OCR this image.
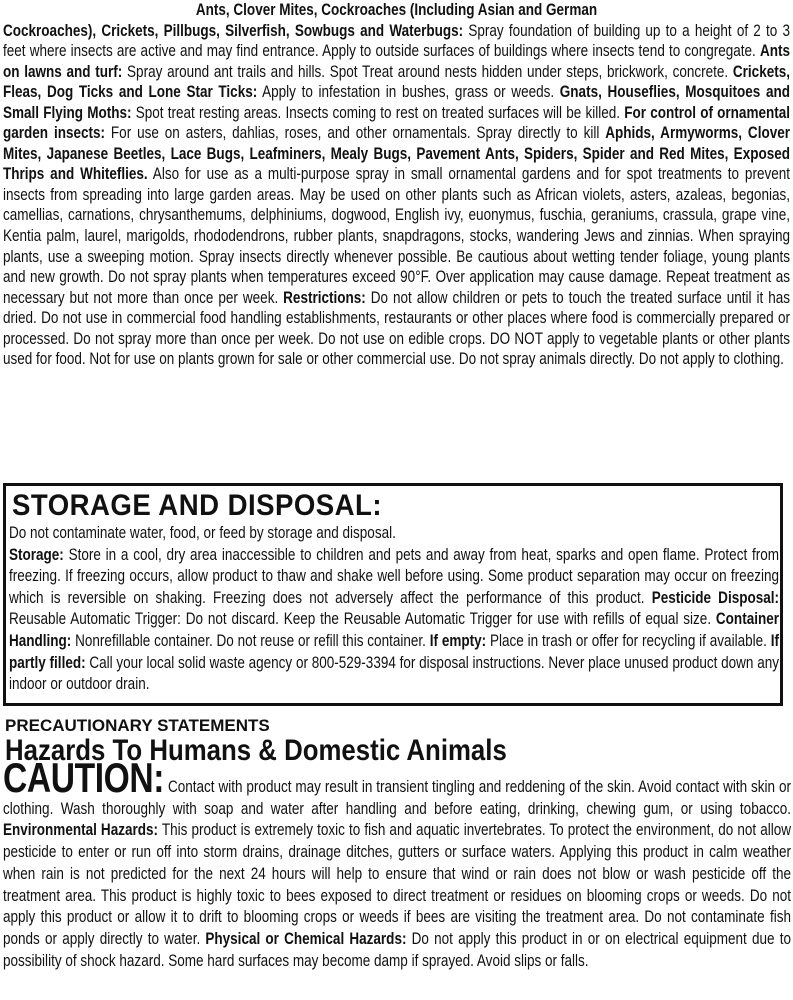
Ants, Clover Mites, Cockroaches (Including Asian and German
Cockroaches), Crickets, Pillbugs, Silverfish, Sowbugs and Waterbugs: Spray foundation of building up to a height of 2 to 3 feet where insects are active and may find entrance. Apply to outside surfaces of buildings where insects tend to congregate. Ants on lawns and turf: Spray around ant trails and hills. Spot Treat around nests hidden under steps, brickwork, concrete. Crickets, Fleas, Dog Ticks and Lone Star Ticks: Apply to infestation in bushes, grass or weeds. Gnats, Houseflies, Mosquitoes and Small Flying Moths: Spot treat resting areas. Insects coming to rest on treated surfaces will be killed. For control of ornamental garden insects: For use on asters, dahlias, roses, and other ornamentals. Spray directly to kill Aphids, Armyworms, Clover Mites, Japanese Beetles, Lace Bugs, Leafminers, Mealy Bugs, Pavement Ants, Spiders, Spider and Red Mites, Exposed Thrips and Whiteflies. Also for use as a multi-purpose spray in small ornamental gardens and for spot treatments to prevent insects from spreading into large garden areas. May be used on other plants such as African violets, asters, azaleas, begonias, camellias, carnations, chrysanthemums, delphiniums, dogwood, English ivy, euonymus, fuschia, geraniums, crassula, grape vine, Kentia palm, laurel, marigolds, rhododendrons, rubber plants, snapdragons, stocks, wandering Jews and zinnias. When spraying plants, use a sweeping motion. Spray insects directly whenever possible. Be cautious about wetting tender foliage, young plants and new growth. Do not spray plants when temperatures exceed 90°F. Over application may cause damage. Repeat treatment as necessary but not more than once per week. Restrictions: Do not allow children or pets to touch the treated surface until it has dried. Do not use in commercial food handling establishments, restaurants or other places where food is commercially prepared or processed. Do not spray more than once per week. Do not use on edible crops. DO NOT apply to vegetable plants or other plants used for food. Not for use on plants grown for sale or other commercial use. Do not spray animals directly. Do not apply to clothing.
STORAGE AND DISPOSAL:
Do not contaminate water, food, or feed by storage and disposal.
Storage: Store in a cool, dry area inaccessible to children and pets and away from heat, sparks and open flame. Protect from freezing. If freezing occurs, allow product to thaw and shake well before using. Some product separation may occur on freezing which is reversible on shaking. Freezing does not adversely affect the performance of this product. Pesticide Disposal: Reusable Automatic Trigger: Do not discard. Keep the Reusable Automatic Trigger for use with refills of equal size. Container Handling: Nonrefillable container. Do not reuse or refill this container. If empty: Place in trash or offer for recycling if available. If partly filled: Call your local solid waste agency or 800-529-3394 for disposal instructions. Never place unused product down any indoor or outdoor drain.
PRECAUTIONARY STATEMENTS
Hazards To Humans & Domestic Animals
CAUTION: Contact with product may result in transient tingling and reddening of the skin. Avoid contact with skin or clothing. Wash thoroughly with soap and water after handling and before eating, drinking, chewing gum, or using tobacco. Environmental Hazards: This product is extremely toxic to fish and aquatic invertebrates. To protect the environment, do not allow pesticide to enter or run off into storm drains, drainage ditches, gutters or surface waters. Applying this product in calm weather when rain is not predicted for the next 24 hours will help to ensure that wind or rain does not blow or wash pesticide off the treatment area. This product is highly toxic to bees exposed to direct treatment or residues on blooming crops or weeds. Do not apply this product or allow it to drift to blooming crops or weeds if bees are visiting the treatment area. Do not contaminate fish ponds or apply directly to water. Physical or Chemical Hazards: Do not apply this product in or on electrical equipment due to possibility of shock hazard. Some hard surfaces may become damp if sprayed. Avoid slips or falls.
